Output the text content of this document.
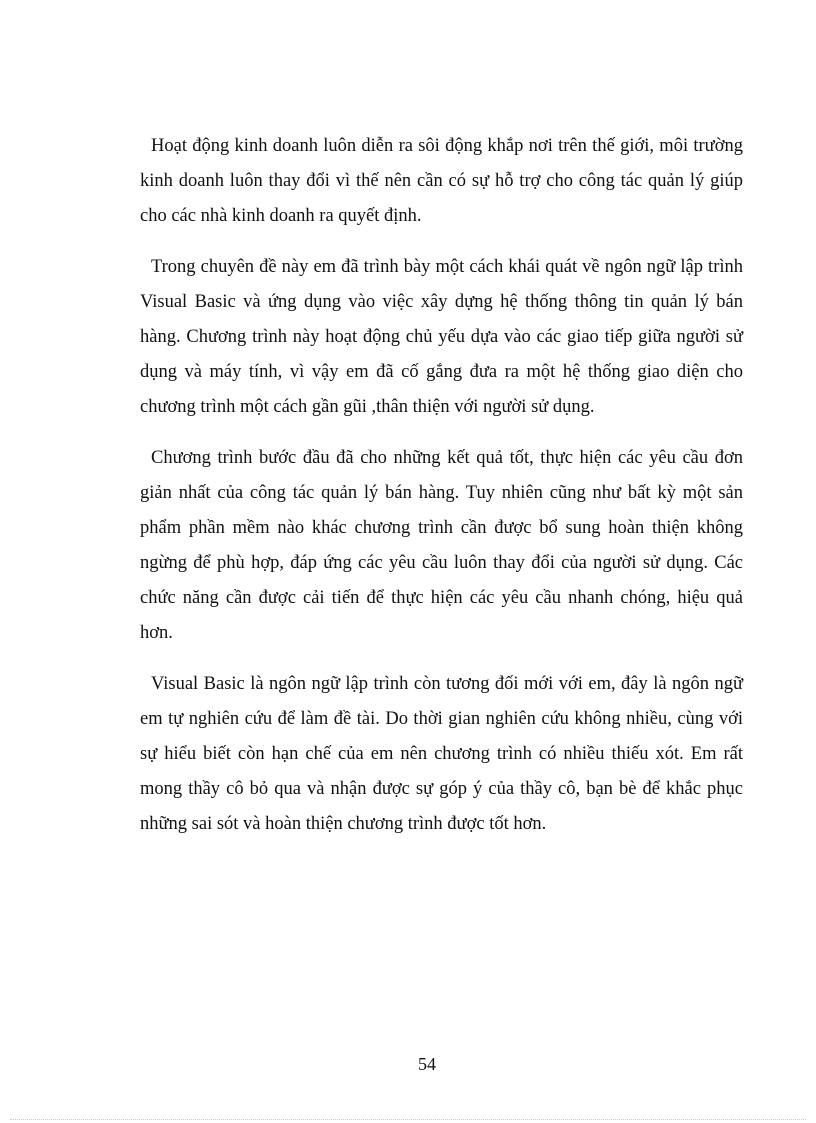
Hoạt động kinh doanh luôn diễn ra sôi động khắp nơi trên thế giới, môi trường kinh doanh luôn thay đổi vì thế nên cần có sự hỗ trợ cho công tác quản lý giúp cho các nhà kinh doanh ra quyết định.

Trong chuyên đề này em đã trình bày một cách khái quát về ngôn ngữ lập trình Visual Basic và ứng dụng vào việc xây dựng hệ thống thông tin quản lý bán hàng. Chương trình này hoạt động chủ yếu dựa vào các giao tiếp giữa người sử dụng và máy tính, vì vậy em đã cố gắng đưa ra một hệ thống giao diện cho chương trình một cách gần gũi ,thân thiện với người sử dụng.

Chương trình bước đầu đã cho những kết quả tốt, thực hiện các yêu cầu đơn giản nhất của công tác quản lý bán hàng. Tuy nhiên cũng như bất kỳ một sản phẩm phần mềm nào khác chương trình cần được bổ sung hoàn thiện không ngừng để phù hợp, đáp ứng các yêu cầu luôn thay đổi của người sử dụng. Các chức năng cần được cải tiến để thực hiện các yêu cầu nhanh chóng, hiệu quả hơn.

Visual Basic là ngôn ngữ lập trình còn tương đối mới với em, đây là ngôn ngữ em tự nghiên cứu để làm đề tài. Do thời gian nghiên cứu không nhiều, cùng với sự hiểu biết còn hạn chế của em nên chương trình có nhiều thiếu xót. Em rất mong thầy cô bỏ qua và nhận được sự góp ý của thầy cô, bạn bè để khắc phục những sai sót và hoàn thiện chương trình được tốt hơn.

54
